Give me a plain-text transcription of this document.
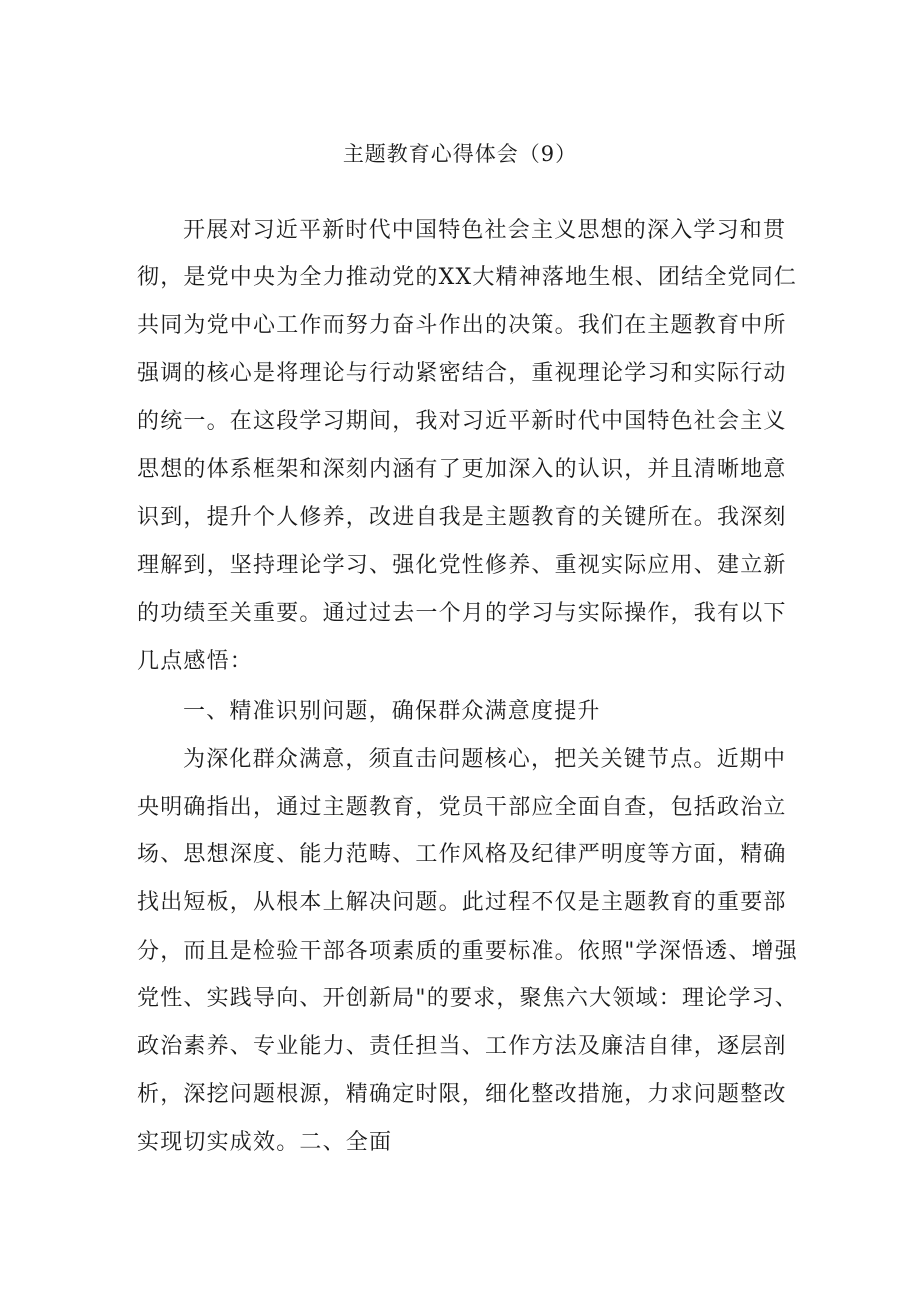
主题教育心得体会（9）
开展对习近平新时代中国特色社会主义思想的深入学习和贯
彻，是党中央为全力推动党的XX大精神落地生根、团结全党同仁
共同为党中心工作而努力奋斗作出的决策。我们在主题教育中所
强调的核心是将理论与行动紧密结合，重视理论学习和实际行动
的统一。在这段学习期间，我对习近平新时代中国特色社会主义
思想的体系框架和深刻内涵有了更加深入的认识，并且清晰地意
识到，提升个人修养，改进自我是主题教育的关键所在。我深刻
理解到，坚持理论学习、强化党性修养、重视实际应用、建立新
的功绩至关重要。通过过去一个月的学习与实际操作，我有以下
几点感悟：
一、精准识别问题，确保群众满意度提升
为深化群众满意，须直击问题核心，把关关键节点。近期中
央明确指出，通过主题教育，党员干部应全面自查，包括政治立
场、思想深度、能力范畴、工作风格及纪律严明度等方面，精确
找出短板，从根本上解决问题。此过程不仅是主题教育的重要部
分，而且是检验干部各项素质的重要标准。依照"学深悟透、增强
党性、实践导向、开创新局"的要求，聚焦六大领域：理论学习、
政治素养、专业能力、责任担当、工作方法及廉洁自律，逐层剖
析，深挖问题根源，精确定时限，细化整改措施，力求问题整改
实现切实成效。二、全面
